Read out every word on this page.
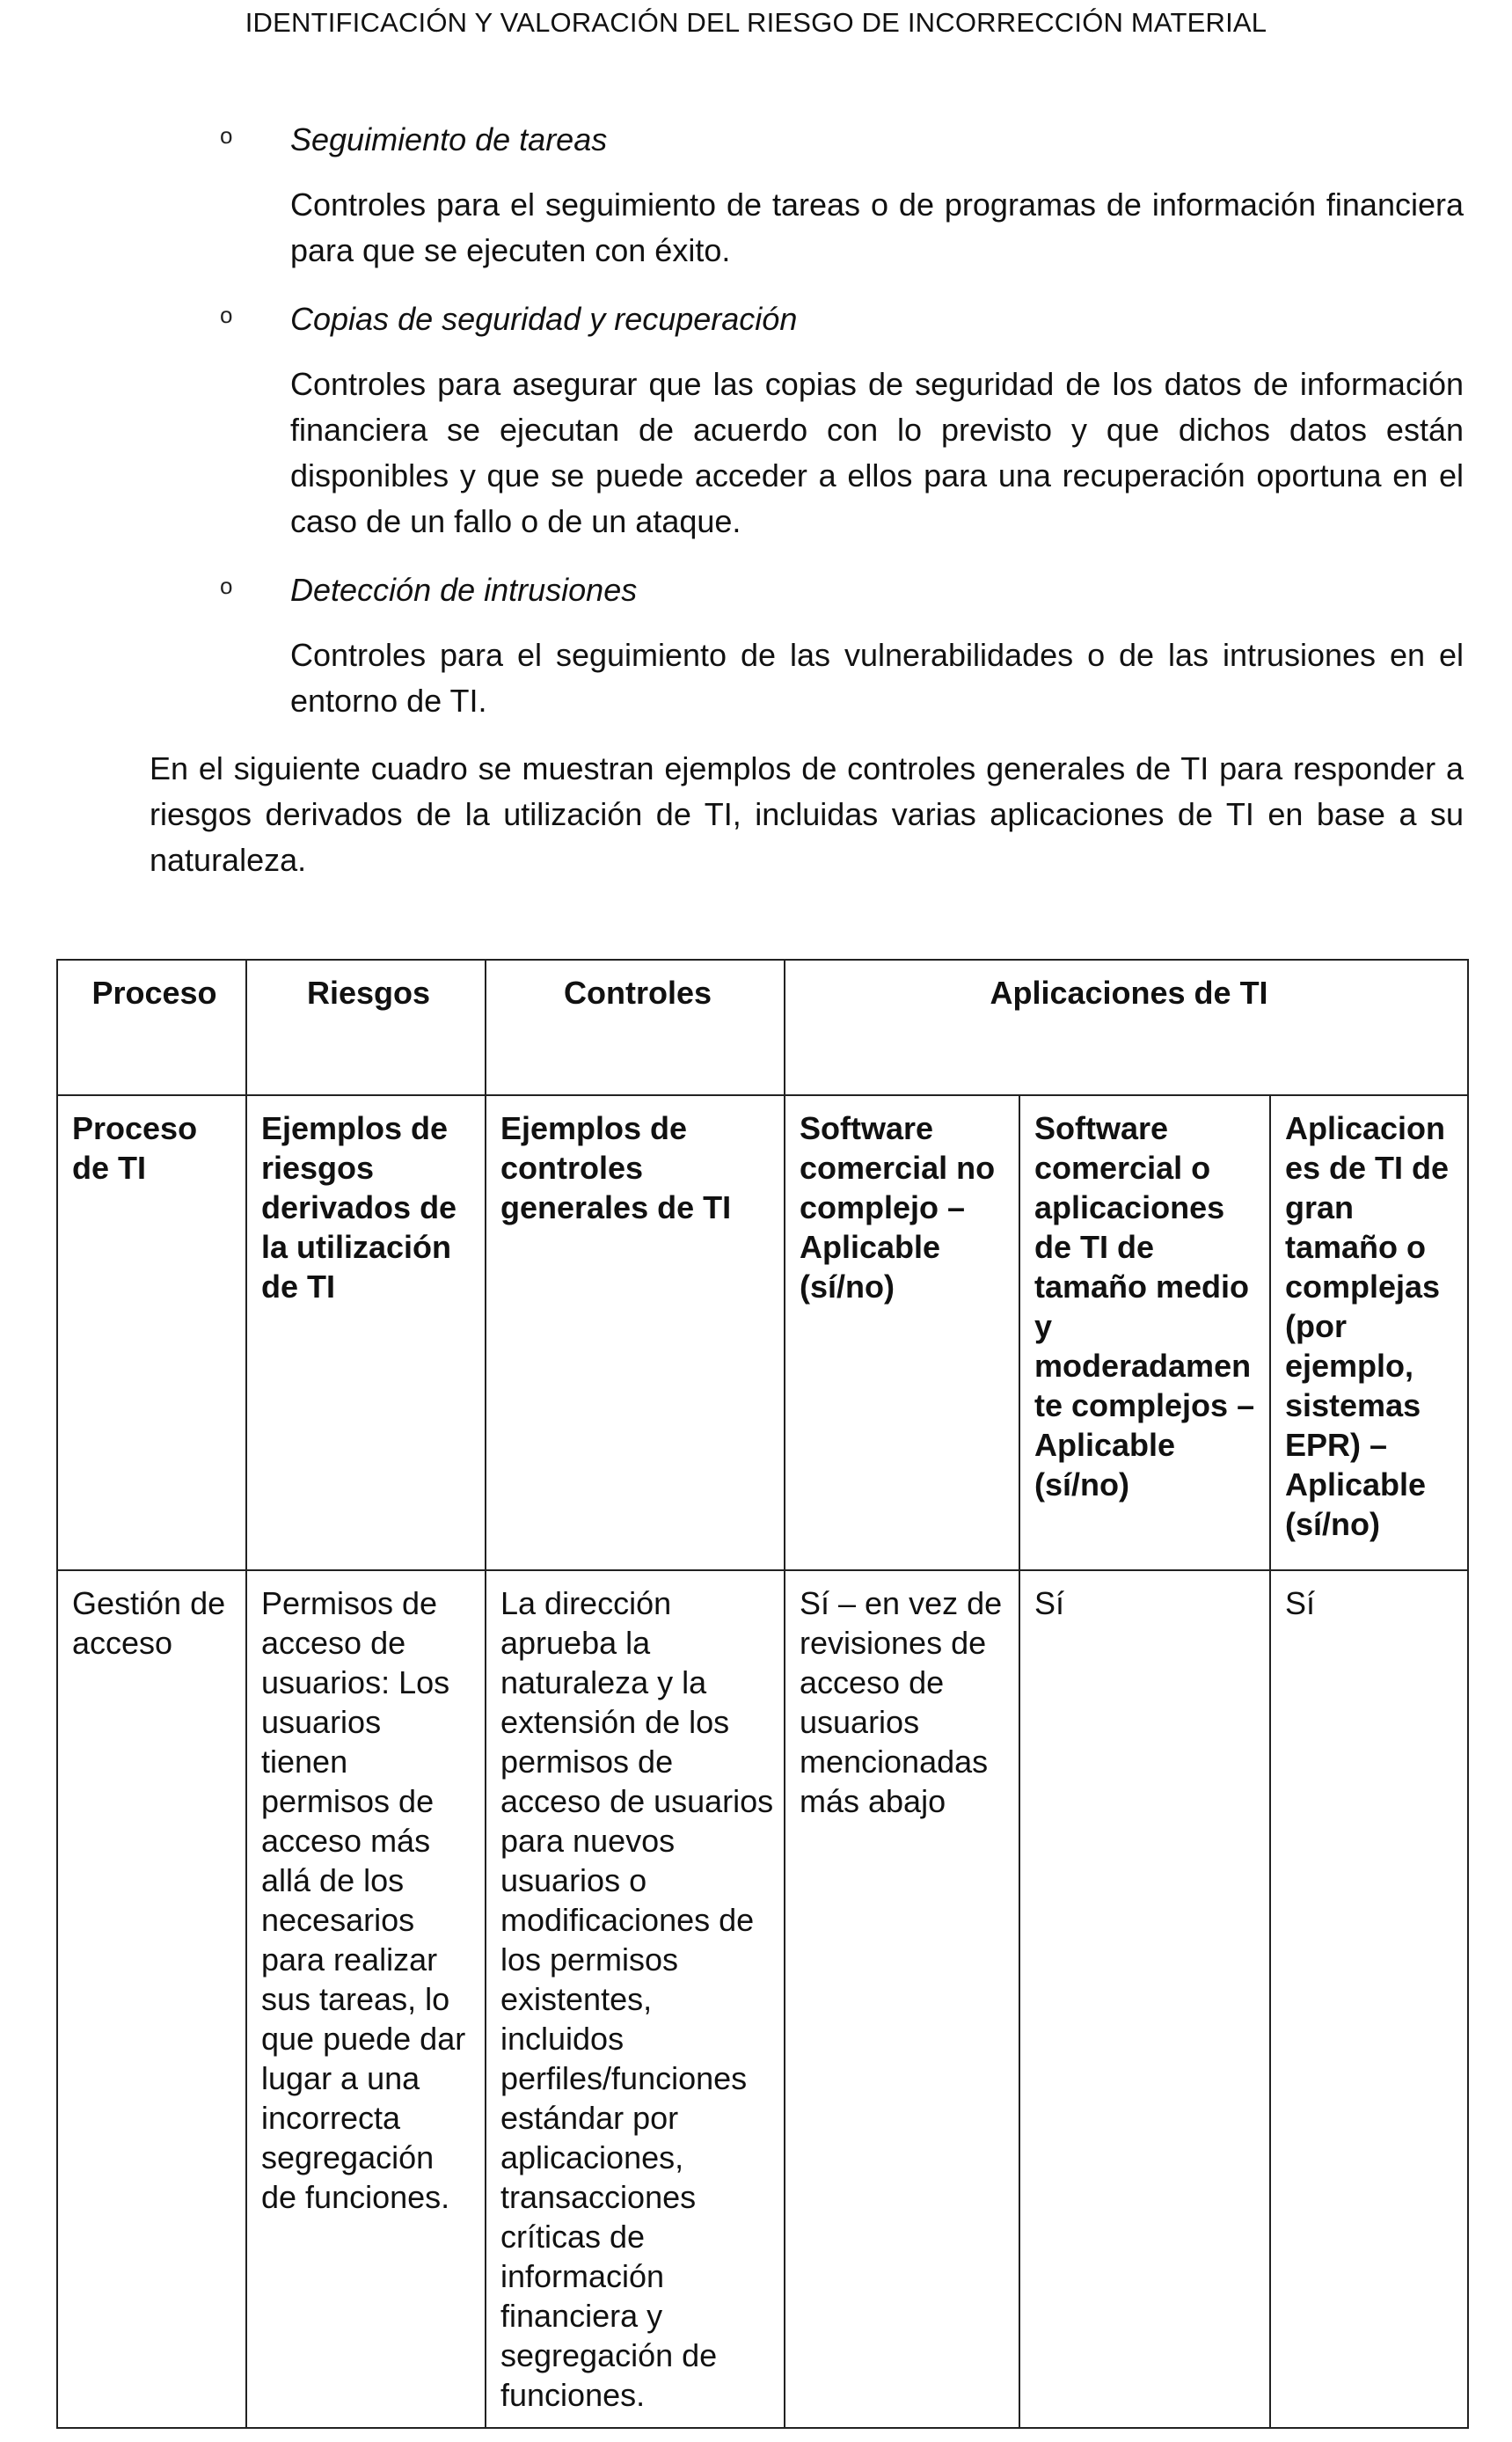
IDENTIFICACIÓN Y VALORACIÓN DEL RIESGO DE INCORRECCIÓN MATERIAL
o Seguimiento de tareas
Controles para el seguimiento de tareas o de programas de información financiera para que se ejecuten con éxito.
o Copias de seguridad y recuperación
Controles para asegurar que las copias de seguridad de los datos de información financiera se ejecutan de acuerdo con lo previsto y que dichos datos están disponibles y que se puede acceder a ellos para una recuperación oportuna en el caso de un fallo o de un ataque.
o Detección de intrusiones
Controles para el seguimiento de las vulnerabilidades o de las intrusiones en el entorno de TI.
En el siguiente cuadro se muestran ejemplos de controles generales de TI para responder a riesgos derivados de la utilización de TI, incluidas varias aplicaciones de TI en base a su naturaleza.
Proceso	Riesgos	Controles	Aplicaciones de TI		
Proceso de TI	Ejemplos de riesgos derivados de la utilización de TI	Ejemplos de controles generales de TI	Software comercial no complejo – Aplicable (sí/no)	Software comercial o aplicaciones de TI de tamaño medio y moderadamente complejos – Aplicable (sí/no)	Aplicaciones de TI de gran tamaño o complejas (por ejemplo, sistemas EPR) – Aplicable (sí/no)
Gestión de acceso	Permisos de acceso de usuarios: Los usuarios tienen permisos de acceso más allá de los necesarios para realizar sus tareas, lo que puede dar lugar a una incorrecta segregación de funciones.	La dirección aprueba la naturaleza y la extensión de los permisos de acceso de usuarios para nuevos usuarios o modificaciones de los permisos existentes, incluidos perfiles/funciones estándar por aplicaciones, transacciones críticas de información financiera y segregación de funciones.	Sí – en vez de revisiones de acceso de usuarios mencionadas más abajo	Sí	Sí
